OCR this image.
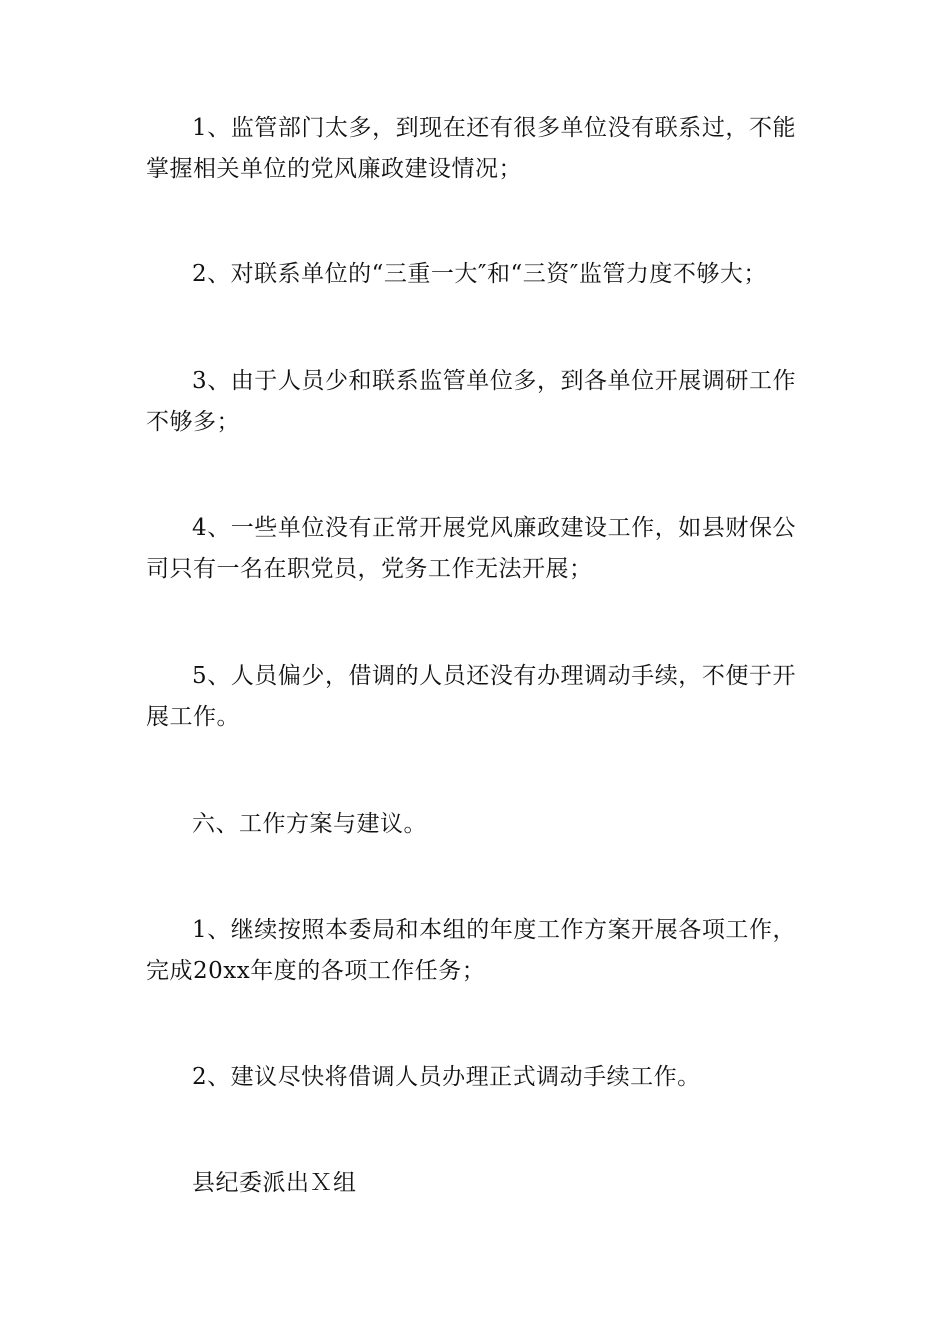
1、监管部门太多，到现在还有很多单位没有联系过，不能掌握相关单位的党风廉政建设情况；

2、对联系单位的“三重一大″和“三资″监管力度不够大；

3、由于人员少和联系监管单位多，到各单位开展调研工作不够多；

4、一些单位没有正常开展党风廉政建设工作，如县财保公司只有一名在职党员，党务工作无法开展；

5、人员偏少，借调的人员还没有办理调动手续，不便于开展工作。

六、工作方案与建议。

1、继续按照本委局和本组的年度工作方案开展各项工作，完成20xx年度的各项工作任务；

2、建议尽快将借调人员办理正式调动手续工作。

县纪委派出Ｘ组
